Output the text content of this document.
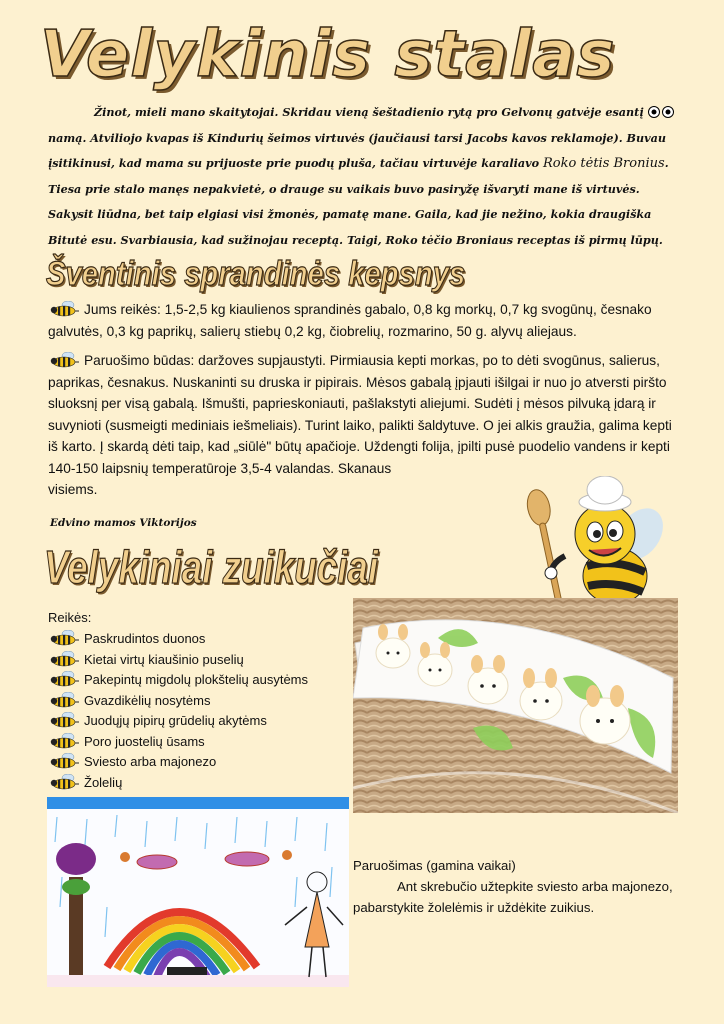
Velykinis stalas
Žinot, mieli mano skaitytojai. Skridau vieną šeštadienio rytą pro Gelvonų gatvėje esantį  namą. Atviliojo kvapas iš Kindurių šeimos virtuvės (jaučiausi tarsi Jacobs kavos reklamoje). Buvau įsitikinusi, kad mama su prijuoste prie puodų pluša, tačiau virtuvėje karaliavo Roko tėtis Bronius. Tiesa prie stalo manęs nepakvietė, o drauge su vaikais buvo pasiryžę išvaryti mane iš virtuvės. Sakysit liūdna, bet taip elgiasi visi žmonės, pamatę mane. Gaila, kad jie nežino, kokia draugiška Bitutė esu. Svarbiausia, kad sužinojau receptą. Taigi, Roko tėčio Broniaus receptas iš pirmų lūpų.
Šventinis sprandinės kepsnys
Jums reikės: 1,5-2,5 kg kiaulienos sprandinės gabalo, 0,8 kg morkų, 0,7 kg svogūnų, česnako galvutės, 0,3 kg paprikų, salierų stiebų 0,2 kg, čiobrelių, rozmarino, 50 g. alyvų aliejaus.
Paruošimo būdas: daržoves supjaustyti. Pirmiausia kepti morkas, po to dėti svogūnus, salierus, paprikas, česnakus. Nuskaninti su druska ir pipirais. Mėsos gabalą įpjauti išilgai ir nuo jo atversti piršto sluoksnį per visą gabalą. Išmušti, paprieskoniauti, pašlakstyti aliejumi. Sudėti į mėsos pilvuką įdarą ir suvynioti (susmeigti mediniais iešmeliais). Turint laiko, palikti šaldytuve. O jei alkis graužia, galima kepti iš karto. Į skardą dėti taip, kad „siūlė" būtų apačioje. Uždengti folija, įpilti pusė puodelio vandens ir kepti 140-150 laipsnių temperatūroje 3,5-4 valandas. Skanaus
visiems.
Edvino mamos Viktorijos
Velykiniai zuikučiai
Reikės:
Paskrudintos duonos
Kietai virtų kiaušinio puselių
Pakepintų migdolų plokštelių ausytėms
Gvazdikėlių nosytėms
Juodųjų pipirų grūdelių akytėms
Poro juostelių ūsams
Sviesto arba majonezo
Žolelių
Paruošimas (gamina vaikai)
Ant skrebučio užtepkite sviesto arba majonezo, pabarstykite žolelėmis ir uždėkite zuikius.
